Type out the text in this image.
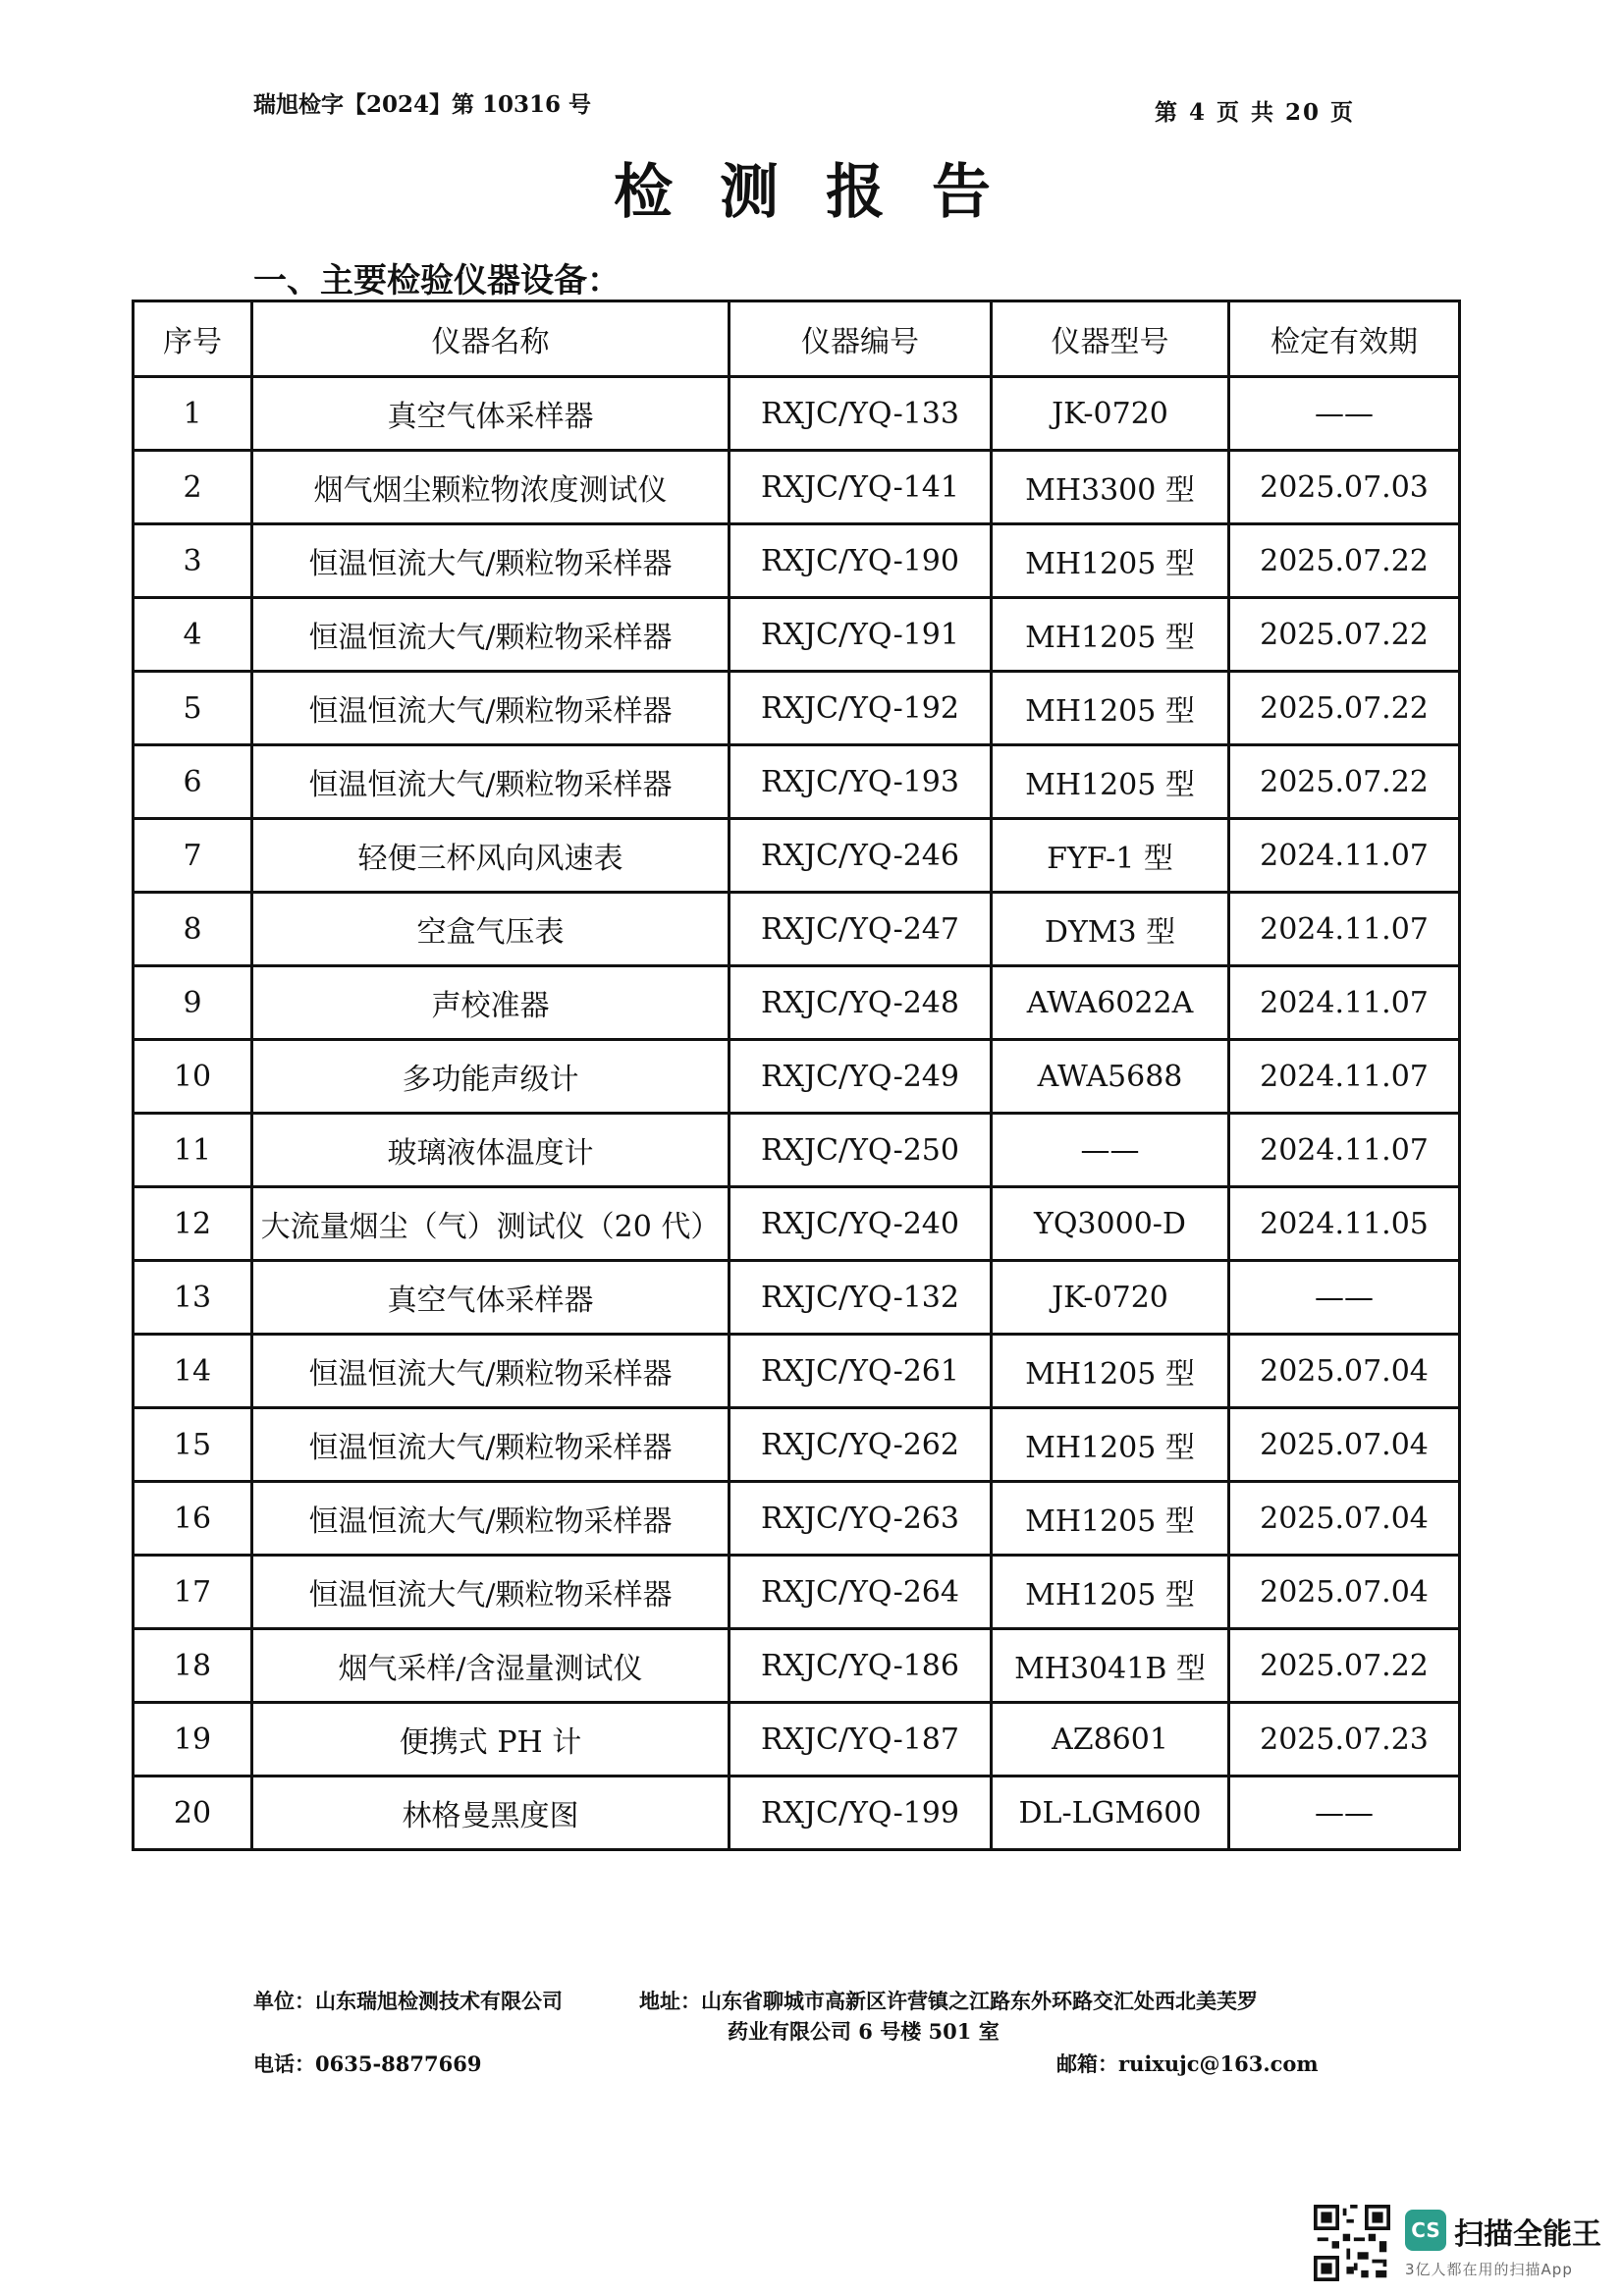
瑞旭检字【2024】第 10316 号	第 4 页 共 20 页
检测报告
一、主要检验仪器设备：
序号	仪器名称	仪器编号	仪器型号	检定有效期
1	真空气体采样器	RXJC/YQ-133	JK-0720	——
2	烟气烟尘颗粒物浓度测试仪	RXJC/YQ-141	MH3300 型	2025.07.03
3	恒温恒流大气/颗粒物采样器	RXJC/YQ-190	MH1205 型	2025.07.22
4	恒温恒流大气/颗粒物采样器	RXJC/YQ-191	MH1205 型	2025.07.22
5	恒温恒流大气/颗粒物采样器	RXJC/YQ-192	MH1205 型	2025.07.22
6	恒温恒流大气/颗粒物采样器	RXJC/YQ-193	MH1205 型	2025.07.22
7	轻便三杯风向风速表	RXJC/YQ-246	FYF-1 型	2024.11.07
8	空盒气压表	RXJC/YQ-247	DYM3 型	2024.11.07
9	声校准器	RXJC/YQ-248	AWA6022A	2024.11.07
10	多功能声级计	RXJC/YQ-249	AWA5688	2024.11.07
11	玻璃液体温度计	RXJC/YQ-250	——	2024.11.07
12	大流量烟尘（气）测试仪（20 代）	RXJC/YQ-240	YQ3000-D	2024.11.05
13	真空气体采样器	RXJC/YQ-132	JK-0720	——
14	恒温恒流大气/颗粒物采样器	RXJC/YQ-261	MH1205 型	2025.07.04
15	恒温恒流大气/颗粒物采样器	RXJC/YQ-262	MH1205 型	2025.07.04
16	恒温恒流大气/颗粒物采样器	RXJC/YQ-263	MH1205 型	2025.07.04
17	恒温恒流大气/颗粒物采样器	RXJC/YQ-264	MH1205 型	2025.07.04
18	烟气采样/含湿量测试仪	RXJC/YQ-186	MH3041B 型	2025.07.22
19	便携式 PH 计	RXJC/YQ-187	AZ8601	2025.07.23
20	林格曼黑度图	RXJC/YQ-199	DL-LGM600	——
单位：山东瑞旭检测技术有限公司	地址：山东省聊城市高新区许营镇之江路东外环路交汇处西北美芙罗
药业有限公司 6 号楼 501 室
电话：0635-8877669	邮箱：ruixujc@163.com
CS 扫描全能王
3亿人都在用的扫描App
